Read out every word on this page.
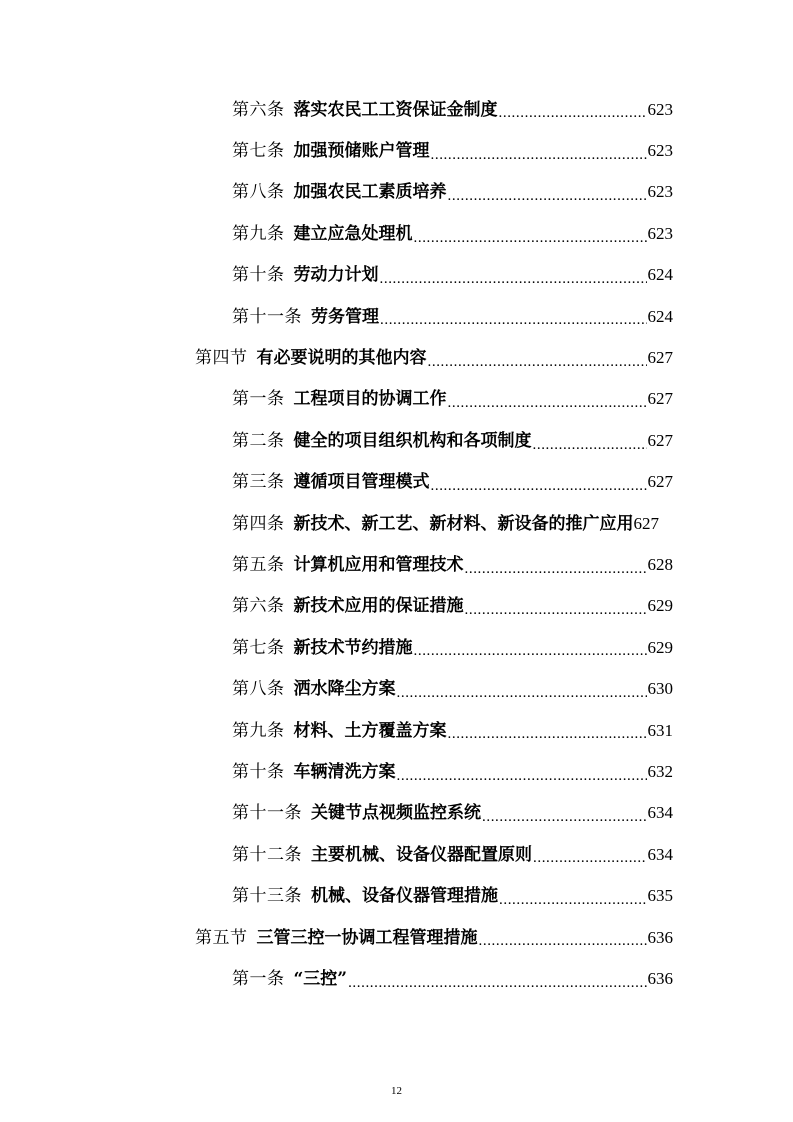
第六条 落实农民工工资保证金制度 .....	623
第七条 加强预储账户管理 .....	623
第八条 加强农民工素质培养 .....	623
第九条 建立应急处理机 .....	623
第十条 劳动力计划 .....	624
第十一条 劳务管理 .....	624
第四节 有必要说明的其他内容 .....	627
第一条 工程项目的协调工作 .....	627
第二条 健全的项目组织机构和各项制度 .....	627
第三条 遵循项目管理模式 .....	627
第四条 新技术、新工艺、新材料、新设备的推广应用 627
第五条 计算机应用和管理技术 .....	628
第六条 新技术应用的保证措施 .....	629
第七条 新技术节约措施 .....	629
第八条 洒水降尘方案 .....	630
第九条 材料、土方覆盖方案 .....	631
第十条 车辆清洗方案 .....	632
第十一条 关键节点视频监控系统 .....	634
第十二条 主要机械、设备仪器配置原则 .....	634
第十三条 机械、设备仪器管理措施 .....	635
第五节 三管三控一协调工程管理措施 .....	636
第一条 “三控” .....	636
12
